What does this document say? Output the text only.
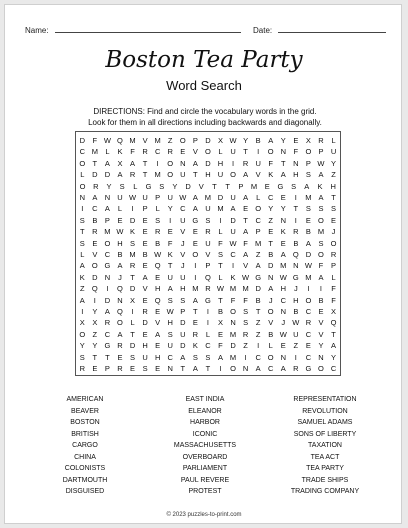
Name:	Date:
Boston Tea Party
Word Search
DIRECTIONS: Find and circle the vocabulary words in the grid.
Look for them in all directions including backwards and diagonally.
D	F W Q M V M Z O P D X W Y	B	A	Y	E	X R	L
C M L	K	F	R C R E	V O	L	U	T	I	O N	F O P U
O T	A	X	A	T	I	O N A D H	I	R U	F	T	N P W Y
L	D D A R	T M O U	T	H U O A	V	K	A H S	A	Z
O	R	Y	S	L	G	S	Y	D	V	T	T	P	M	E	G	S	A	K	H
N A N U W U P U W A M D U A	L	C E	I	M A	T
I	C A	L	I	P	L	Y C A U M A	E O Y	Y	T	S	S	S
S	B	P	E D E	S	I	U G S	I	D	T	C	Z	N	I	E O E
T	R M W K	E R E	V	E R	L	U A	P	E	K R B M	J
S	E O H S	E	B	F	J	E U	F W F M T	E	B	A	S O
L	V C B M B W K	V O V	S C A	Z	B	A Q D O R
A O G A R E Q T	J	I	P	T	I	V	A D M N W F	P
K D N	J	T	A	E U U	I	Q	L	K W G N W G M A	L
Z Q	I	Q D V H A H M R W M M D A H	J	I	I	F
A	I	D N X	E Q S	S	A G T	F	F	B	J	C H O B	F
I	Y	A Q	I	R E W P	T	I	B O S	T O N B C E	X
X	X R O	L	D V H D E	I	X N S	Z	V	J W R V Q
O Z	C A	T	E	A	S U R	L	E M R	Z	B W U C V	T
Y	Y G R D H E U D K C	F	D	Z	I	L	E	Z	E	Y	A
S	T	T	E	S U H C A	S	S	A M	I	C O N	I	C N Y
R E	P R E	S	E N	T	A	T	I	O N A C A R G O C
AMERICAN
BEAVER
BOSTON
BRITISH
CARGO
CHINA
COLONISTS
DARTMOUTH
DISGUISED
EAST INDIA
ELEANOR
HARBOR
ICONIC
MASSACHUSETTS
OVERBOARD
PARLIAMENT
PAUL REVERE
PROTEST
REPRESENTATION
REVOLUTION
SAMUEL ADAMS
SONS OF LIBERTY
TAXATION
TEA ACT
TEA PARTY
TRADE SHIPS
TRADING COMPANY
© 2023 puzzles-to-print.com
